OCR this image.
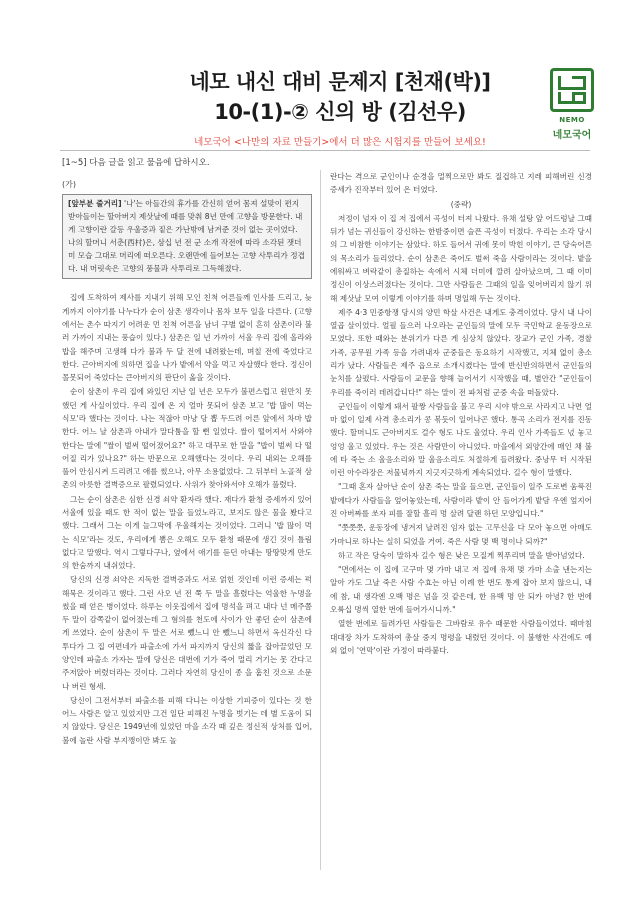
네모 내신 대비 문제지 [천재(박)]
10-(1)-② 신의 방 (김선우)
네모국어 <나만의 자료 만들기>에서 더 많은 시험지를 만들어 보세요!
NEMO
네모국어
[1~5] 다음 글을 읽고 물음에 답하시오.
(가)
[앞부분 줄거리] '나'는 아들간의 휴가를 간신히 얻어 몸져 설맞이 편지 받아들이는 할아버지 제삿날에 때를 맞춰 8년 만에 고향을 방문한다. 내게 고향이란 갈등 우울증과 짙은 가난밖에 남겨준 것이 없는 곳이었다. 나의 할머니 서춘(西村)은, 삼십 년 전 군 소개 작전에 따라 소각된 잿더미 모습 그대로 머리에 떠오른다. 오랜만에 들어보는 고향 사투리가 정겹다. 내 머릿속은 고향의 풍물과 사투리로 그득해졌다.

집에 도착하여 제사를 지내기 위해 모인 친척 어른들께 인사를 드리고, 늦게까지 이야기를 나누다가 순이 삼촌 생각이나 몸차 보두 일을 다른다. (고향에서는 촌수 따지기 어려운 먼 친척 어른을 남녀 구별 없이 흔히 삼촌이라 불러 가까이 지내는 풍습이 있다.) 삼촌은 일 년 가까이 서울 우리 집에 올라와 밥을 해주며 고생해 다가 불과 두 달 전에 내려왔는데, 며칠 전에 죽었다고 한다. 근아버지에 의하면 집을 나가 밭에서 약을 먹고 자살했다 한다. 정신이 몰못되어 죽었다는 큰아버지의 판단이 옳을 것이다.

순이 삼촌이 우리 집에 와있던 지난 일 년은 모두가 불편스럽고 원만치 못했던 게 사실이었다. 우리 집에 온 지 얼마 못되어 삼촌 보고 '밥 많이 먹는 식모'라 했다는 것이다. 나는 적잖아 마냥 당 뽑 두드려 어른 앞에서 차마 밥 한다. 어느 날 삼촌과 아내가 말다툼을 할 뻔 일었다. 쌀이 떨어져서 사와야 한다는 말에 "쌀이 벌써 떨어졌어요?" 하고 대꾸로 한 말을 "밥이 벌써 다 떨어질 리가 있나요?" 하는 반문으로 오해했다는 것이다. 우리 내외는 오해를 풀어 안심시켜 드리려고 애를 썼으나, 아무 소용없었다. 그 뒤부터 노골적 삼촌의 아릇한 결벽증으로 팔렸되었다. 사위가 찾아와서야 오해가 풀렸다.

그는 순이 삼촌은 심한 신경 쇠약 환자라 했다. 재다가 환청 증세까지 있어 서울에 있을 때도 한 적이 없는 말을 들었노라고, 보지도 않은 물을 봤다고 했다. 그래서 그는 이게 늘그막에 우울해지는 것이었다. 그러니 '밥 많이 먹는 식모'라는 것도, 우리에게 뽐은 오해도 모두 환청 때문에 생긴 것이 틀림없다고 말했다. 역시 그렇다구나, 옆에서 애기를 듣던 아내는 땅땅맞게 만도의 한숨까지 내쉬었다.

당신의 신경 쇠약은 지독한 결벽증과도 서로 얽힌 것인데 이런 증세는 퍽 해묵은 것이라고 했다. 그런 사오 년 전 쭉 두 말을 흘렸다는 억울한 누명을 썼을 때 얻은 병이었다. 하루는 이웃집에서 집에 명석을 펴고 내다 넌 메주쯤 두 말이 감쪽같이 없어졌는데 그 혐의를 천도에 사이가 안 좋던 순이 삼촌에게 쓰였다. 순이 삼촌이 두 말은 서로 뺐느니 안 뺐느니 하면서 옥신각신 다투다가 그 집 여편네가 파출소에 가서 파지까지 당신의 짧을 잡아끌었던 모양인데 파출소 가자는 말에 당신은 대번에 기가 죽어 멀리 거기는 못 간다고 주저앉아 버렸더라는 것이다. 그러다 자연히 당신이 종 을 훔친 것으로 소문나 버린 형세.

당신이 그전서부터 파출소를 피해 다니는 이상한 기피증이 있다는 것 한 어느 사람은 알고 있었지만 그건 일단 피해진 누명을 벗기는 데 별 도움이 되지 않았다. 당신은 1949년에 있었던 마을 소각 때 깊은 정신적 상처를 입어, 불에 놀란 사람 부지깽이만 봐도 놀

란다는 격으로 군인이나 순경을 멀찍으로만 봐도 질겁하고 지레 피해버린 신경 증세가 진작부터 있어 온 터였다.

(중략)

저정이 넘자 이 집 저 집에서 곡성이 터져 나왔다. 유채 설탕 앞 어드렁날 그떄 뒤가 넘는 귀신들이 강신하는 한밤중이면 슬픈 곡성이 터졌다. 우리는 소각 당시의 그 비참한 이야기는 삼았다. 하도 들어서 귀에 못이 박힌 이야기, 큰 당숙어른의 목소리가 들리었다. 순이 삼촌은 죽어도 벌써 죽을 사람이라는 것이다. 밭을 에워싸고 벼락같이 총질하는 속에서 시체 더미에 깔려 살아났으며, 그 때 이미 정신이 이상스러졌다는 것이다. 그만 사람들은 그때의 일을 잊어버리지 않기 위해 제삿날 모여 이렇게 이야기를 하며 명일해 두는 것이다.

제주 4·3 민중항쟁 당시의 양민 학살 사건은 내게도 충격이었다. 당시 내 나이 열곱 살이었다. 얼필 들으러 나오라는 군인들의 말에 모두 국민학교 운동장으로 모였다. 또한 때와는 분위기가 다른 게 심상치 않았다. 장교가 군인 가족, 경찰 가족, 공무원 가족 등을 가려내자 군중들은 동요하기 시작했고, 지체 없이 총소리가 났다. 사람들은 제주 읍으로 소개시켰다는 말에 반신반의하면서 군인들의 눈치를 살폈다. 사람들이 교문을 향해 늘어서기 시작했을 때, 별안간 "군인들이 우리를 죽이러 데려갑니다!" 하는 말이 전 파처럼 군중 속을 떠돌았다.

군인들이 이렇게 돼서 팔짱 사람들을 불고 우리 시야 밖으로 사라지고 나면 얼마 없이 일제 사격 총소리가 콩 볶듯이 일어나곤 했다. 통곡 소리가 전지를 진동했다. 할머니도 근아버지도 걸수 형도 나도 울었다. 우리 인사 가족들도 넋 놓고 엉엉 울고 있었다. 우는 것은 사람만이 아니었다. 마을에서 외양간에 매인 채 불에 타 죽는 소 울음소리와 말 울음소리도 처절하게 들려왔다. 중낭무 터 시작된 이런 아수라장은 저물녘까지 지긋지긋하게 계속되었다. 길수 형이 말했다.

"그때 혼자 살아난 순이 삼촌 죽는 말을 들으면, 군인들이 일주 도로변 움푹진 밭에다가 사람들을 엎어놓았는데, 사람이라 밭이 안 들어가게 밭담 우엔 엎지어진 아버짜를 쏘자 피를 잘할 흘리 멍 살려 달랜 하던 모양입니다."

"쯧쯧쯧, 운동장에 냉겨져 날려진 임자 없는 고무신을 다 모아 놓으면 아매도 가마니로 하나는 실히 되었을 거여. 죽은 사람 몇 백 명이나 되까?"

하고 작은 당숙이 말하자 길수 형은 낮은 모질게 찍푸리며 말을 받아넘었다.

"면에서는 이 집에 고구마 몇 가마 내고 저 집에 유채 몇 가마 소출 낸는지는 알아 가도 그날 죽은 사람 수효는 아닌 이례 한 번도 통계 잡아 보지 않으니, 내에 참, 내 생각엔 오백 명은 넘을 것 같은데, 한 유백 명 안 되카 아녕? 한 번에 오륙십 명씩 열한 번에 들어가시니까."

열한 번에로 들려가던 사람들은 그바람로 유수 때문한 사람들이었다. 때마침 대대장 차가 도착하여 총살 중지 명령을 내렸던 것이다. 이 불행한 사건에도 예외 없이 '연막'이란 가정이 따라붙다.
